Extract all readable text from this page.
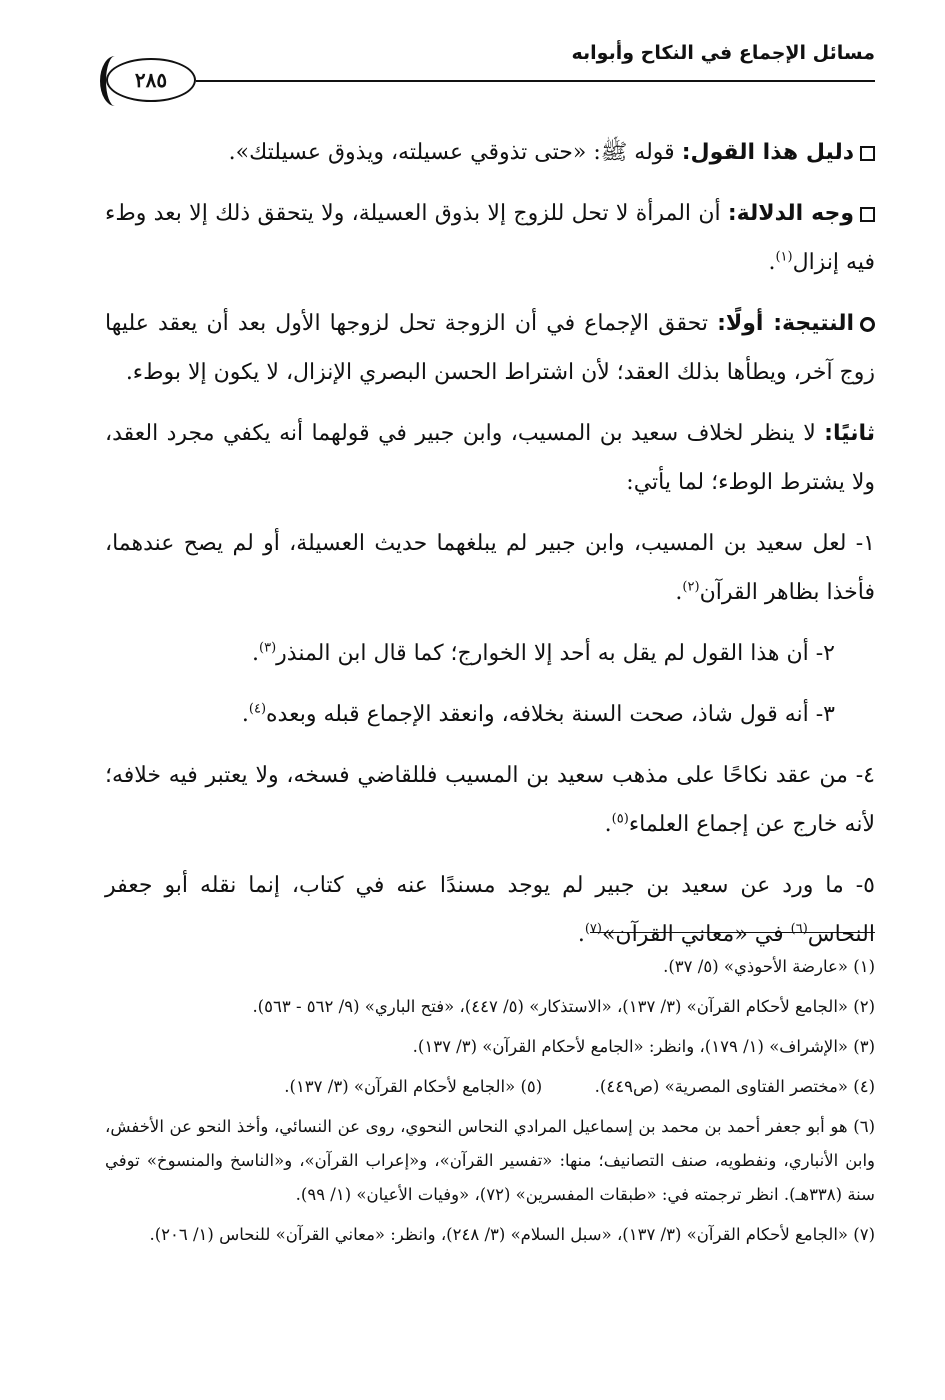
مسائل الإجماع في النكاح وأبوابه
٢٨٥

دليل هذا القول: قوله ﷺ: «حتى تذوقي عسيلته، ويذوق عسيلتك».

وجه الدلالة: أن المرأة لا تحل للزوج إلا بذوق العسيلة، ولا يتحقق ذلك إلا بعد وطء فيه إنزال$^{(١)}$.

النتيجة: أولًا: تحقق الإجماع في أن الزوجة تحل لزوجها الأول بعد أن يعقد عليها زوج آخر، ويطأها بذلك العقد؛ لأن اشتراط الحسن البصري الإنزال، لا يكون إلا بوطء.

ثانيًا: لا ينظر لخلاف سعيد بن المسيب، وابن جبير في قولهما أنه يكفي مجرد العقد، ولا يشترط الوطء؛ لما يأتي:

١- لعل سعيد بن المسيب، وابن جبير لم يبلغهما حديث العسيلة، أو لم يصح عندهما، فأخذا بظاهر القرآن$^{(٢)}$.

٢- أن هذا القول لم يقل به أحد إلا الخوارج؛ كما قال ابن المنذر$^{(٣)}$.

٣- أنه قول شاذ، صحت السنة بخلافه، وانعقد الإجماع قبله وبعده$^{(٤)}$.

٤- من عقد نكاحًا على مذهب سعيد بن المسيب فللقاضي فسخه، ولا يعتبر فيه خلافه؛ لأنه خارج عن إجماع العلماء$^{(٥)}$.

٥- ما ورد عن سعيد بن جبير لم يوجد مسندًا عنه في كتاب، إنما نقله أبو جعفر النحاس$^{(٦)}$ في «معاني القرآن»$^{(٧)}$.

(١) «عارضة الأحوذي» (٥/ ٣٧).

(٢) «الجامع لأحكام القرآن» (٣/ ١٣٧)، «الاستذكار» (٥/ ٤٤٧)، «فتح الباري» (٩/ ٥٦٢ - ٥٦٣).

(٣) «الإشراف» (١/ ١٧٩)، وانظر: «الجامع لأحكام القرآن» (٣/ ١٣٧).

(٤) «مختصر الفتاوى المصرية» (ص٤٤٩).          (٥) «الجامع لأحكام القرآن» (٣/ ١٣٧).

(٦) هو أبو جعفر أحمد بن محمد بن إسماعيل المرادي النحاس النحوي، روى عن النسائي، وأخذ النحو عن الأخفش، وابن الأنباري، ونفطويه، صنف التصانيف؛ منها: «تفسير القرآن»، و«إعراب القرآن»، و«الناسخ والمنسوخ» توفي سنة (٣٣٨هـ). انظر ترجمته في: «طبقات المفسرين» (٧٢)، «وفيات الأعيان» (١/ ٩٩).

(٧) «الجامع لأحكام القرآن» (٣/ ١٣٧)، «سبل السلام» (٣/ ٢٤٨)، وانظر: «معاني القرآن» للنحاس (١/ ٢٠٦).
